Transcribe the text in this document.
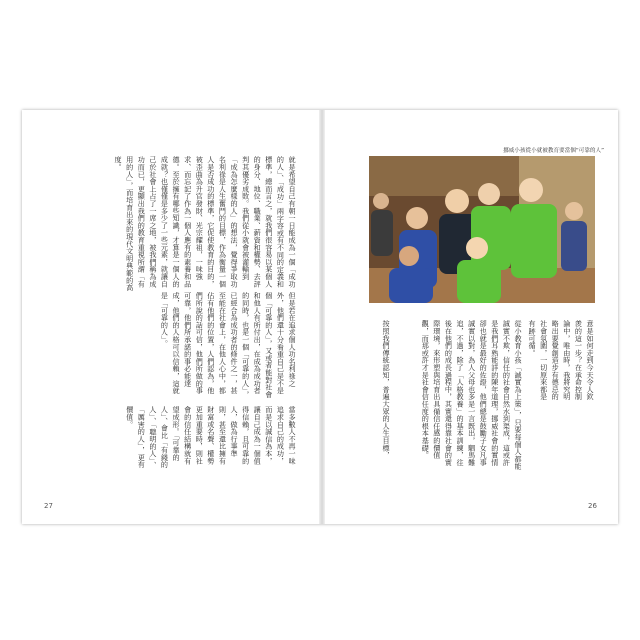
就是希望自己有朝一日能成為一個「成功的人」、「成功」兩字容或有不同的定義和標準，總而言之，就我們很容易以某個人的身分、地位、職業、薪資和權勢、去評判其優劣成敗。我們從小就會被灌輸到「成為怎麼樣的人」的想法，覺得爭取功名利祿是人生奮鬥的目標，作為衡量一個人是否成功的標準，它促使教育的目的，被歪曲為升官發財、光宗耀祖，一味強求、而忘記了作為一個人應有的素養和品德。至於擁有哪些知識，才算是一個人的成就？也僅僅是多少了一些元素，就讓自己於社會上占了一席之地，被我們稱為成功而已，更顯出我們的教育重視所謂「有用的人」，而培育出來的現代文明典範的高度。
但是若在追求個人功名利祿之外，他們還十分看重自己是不是個「可靠的人」，又或者能對社會和他人有所付出，在成為成功者的同時，也是一個「可靠的人」，已經合為成功者的條件之一，甚至能在社會上，在他人心中，都佔有他們的位置，人們認為，他們所說的話可信，他們所做的事可靠，他們所承諾的事必能達成，他們的人格可以信賴，這就是「可靠的人」。
當多數人不再一味追求自己的成功，而是以誠信為本，讓自己成為一個值得信賴，且可靠的人，做為行事準則，甚至還比擁有財富或名聲、權勢更加重要時，則社會的信任結構就有望成形。「可靠的人」、會比「有錢的人」、「聰明的人」、「厲害的人」，更有價值。
27
挪威小孩從小就被教育要當個“可靠的人”
意是如何走到今天令人欽羨的這一步？在承命控制論中，唯由時，我將究明略出要覺創造步有德忌的社會氛圍，一切原來都是有跡可循。
從小教育小孩「誠實為上策」，只要每個人都能誠實不欺，信任的社會自然水到渠成，這或許是我們耳熟能詳的陳年道理，挪威社會的實情卻也就是最好的佐證，他們總是鼓勵子女凡事誠實以對，為人父母也多是一言既出，駟馬難追，不過，除了「人格教養」的基本訓練，往後在他們的成長過程中，其實還得靠社會的實際環境，來形塑與培育出具備信任感的價值觀，而那或許才是社會信任度的根本基礎。
按照我們傳統認知，普遍大眾的人生目標，
26
